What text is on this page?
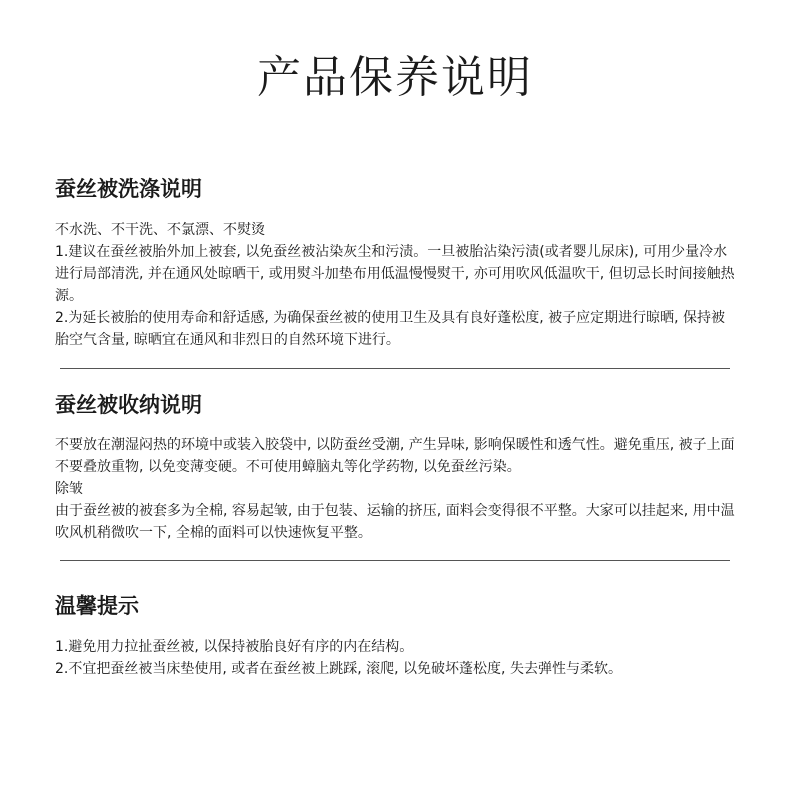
产品保养说明
蚕丝被洗涤说明

不水洗、不干洗、不氯漂、不熨烫

1.建议在蚕丝被胎外加上被套, 以免蚕丝被沾染灰尘和污渍。一旦被胎沾染污渍(或者婴儿尿床), 可用少量冷水进行局部清洗, 并在通风处晾晒干, 或用熨斗加垫布用低温慢慢熨干, 亦可用吹风低温吹干, 但切忌长时间接触热源。

2.为延长被胎的使用寿命和舒适感, 为确保蚕丝被的使用卫生及具有良好蓬松度, 被子应定期进行晾晒, 保持被胎空气含量, 晾晒宜在通风和非烈日的自然环境下进行。

蚕丝被收纳说明

不要放在潮湿闷热的环境中或装入胶袋中, 以防蚕丝受潮, 产生异味, 影响保暖性和透气性。避免重压, 被子上面不要叠放重物, 以免变薄变硬。不可使用蟑脑丸等化学药物, 以免蚕丝污染。

除皱

由于蚕丝被的被套多为全棉, 容易起皱, 由于包装、运输的挤压, 面料会变得很不平整。大家可以挂起来, 用中温吹风机稍微吹一下, 全棉的面料可以快速恢复平整。

温馨提示

1.避免用力拉扯蚕丝被, 以保持被胎良好有序的内在结构。

2.不宜把蚕丝被当床垫使用, 或者在蚕丝被上跳踩, 滚爬, 以免破坏蓬松度, 失去弹性与柔软。
